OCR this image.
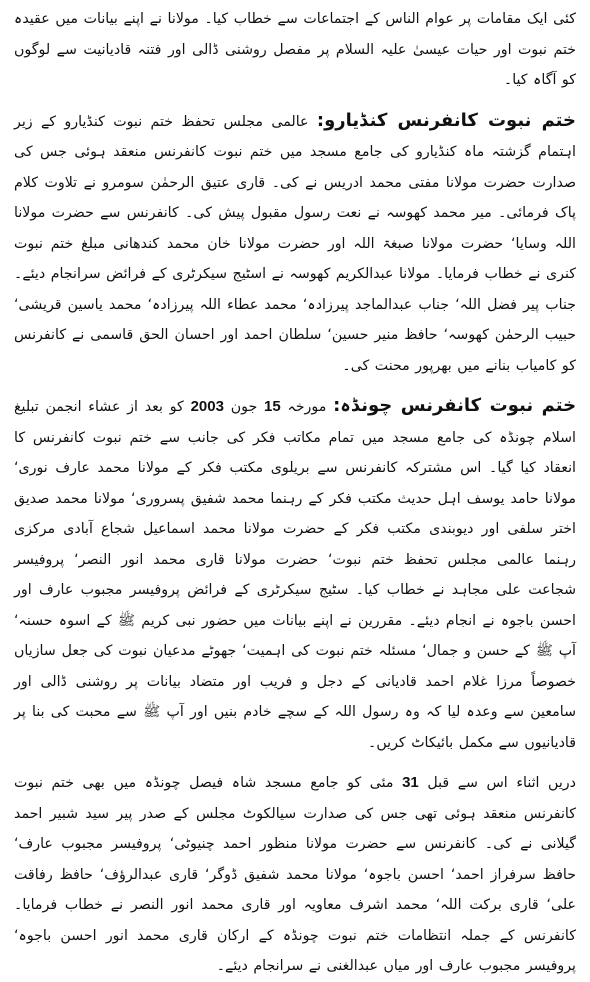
کئی ایک مقامات پر عوام الناس کے اجتماعات سے خطاب کیا۔ مولانا نے اپنے بیانات میں عقیدہ ختم نبوت اور حیات عیسیٰ علیہ السلام پر مفصل روشنی ڈالی اور فتنہ قادیانیت سے لوگوں کو آگاہ کیا۔

ختم نبوت کانفرنس کنڈیارو: عالمی مجلس تحفظ ختم نبوت کنڈیارو کے زیر اہتمام گزشتہ ماہ کنڈیارو کی جامع مسجد میں ختم نبوت کانفرنس منعقد ہوئی جس کی صدارت حضرت مولانا مفتی محمد ادریس نے کی۔ قاری عتیق الرحمٰن سومرو نے تلاوت کلام پاک فرمائی۔ میر محمد کھوسہ نے نعت رسول مقبول پیش کی۔ کانفرنس سے حضرت مولانا اللہ وسایا‘ حضرت مولانا صبغۃ اللہ اور حضرت مولانا خان محمد کندھانی مبلغ ختم نبوت کنری نے خطاب فرمایا۔ مولانا عبدالکریم کھوسہ نے اسٹیج سیکرٹری کے فرائض سرانجام دیئے۔ جناب پیر فضل اللہ‘ جناب عبدالماجد پیرزادہ‘ محمد عطاء اللہ پیرزادہ‘ محمد یاسین قریشی‘ حبیب الرحمٰن کھوسہ‘ حافظ منیر حسین‘ سلطان احمد اور احسان الحق قاسمی نے کانفرنس کو کامیاب بنانے میں بھرپور محنت کی۔

ختم نبوت کانفرنس چونڈہ: مورخہ 15 جون 2003 کو بعد از عشاء انجمن تبلیغ اسلام چونڈہ کی جامع مسجد میں تمام مکاتب فکر کی جانب سے ختم نبوت کانفرنس کا انعقاد کیا گیا۔ اس مشترکہ کانفرنس سے بریلوی مکتب فکر کے مولانا محمد عارف نوری‘ مولانا حامد یوسف اہل حدیث مکتب فکر کے رہنما محمد شفیق پسروری‘ مولانا محمد صدیق اختر سلفی اور دیوبندی مکتب فکر کے حضرت مولانا محمد اسماعیل شجاع آبادی مرکزی رہنما عالمی مجلس تحفظ ختم نبوت‘ حضرت مولانا قاری محمد انور النصر‘ پروفیسر شجاعت علی مجاہد نے خطاب کیا۔ سٹیج سیکرٹری کے فرائض پروفیسر مجبوب عارف اور احسن باجوہ نے انجام دیئے۔ مقررین نے اپنے بیانات میں حضور نبی کریم ﷺ کے اسوہ حسنہ‘ آپ ﷺ کے حسن و جمال‘ مسئلہ ختم نبوت کی اہمیت‘ جھوٹے مدعیان نبوت کی جعل سازیاں خصوصاً مرزا غلام احمد قادیانی کے دجل و فریب اور متضاد بیانات پر روشنی ڈالی اور سامعین سے وعدہ لیا کہ وہ رسول اللہ کے سچے خادم بنیں اور آپ ﷺ سے محبت کی بنا پر قادیانیوں سے مکمل بائیکاٹ کریں۔

دریں اثناء اس سے قبل 31 مئی کو جامع مسجد شاہ فیصل چونڈہ میں بھی ختم نبوت کانفرنس منعقد ہوئی تھی جس کی صدارت سیالکوٹ مجلس کے صدر پیر سید شبیر احمد گیلانی نے کی۔ کانفرنس سے حضرت مولانا منظور احمد چنیوٹی‘ پروفیسر مجبوب عارف‘ حافظ سرفراز احمد‘ احسن باجوہ‘ مولانا محمد شفیق ڈوگر‘ قاری عبدالرؤف‘ حافظ رفاقت علی‘ قاری برکت اللہ‘ محمد اشرف معاویہ اور قاری محمد انور النصر نے خطاب فرمایا۔ کانفرنس کے جملہ انتظامات ختم نبوت چونڈہ کے ارکان قاری محمد انور احسن باجوہ‘ پروفیسر مجبوب عارف اور میاں عبدالغنی نے سرانجام دیئے۔
